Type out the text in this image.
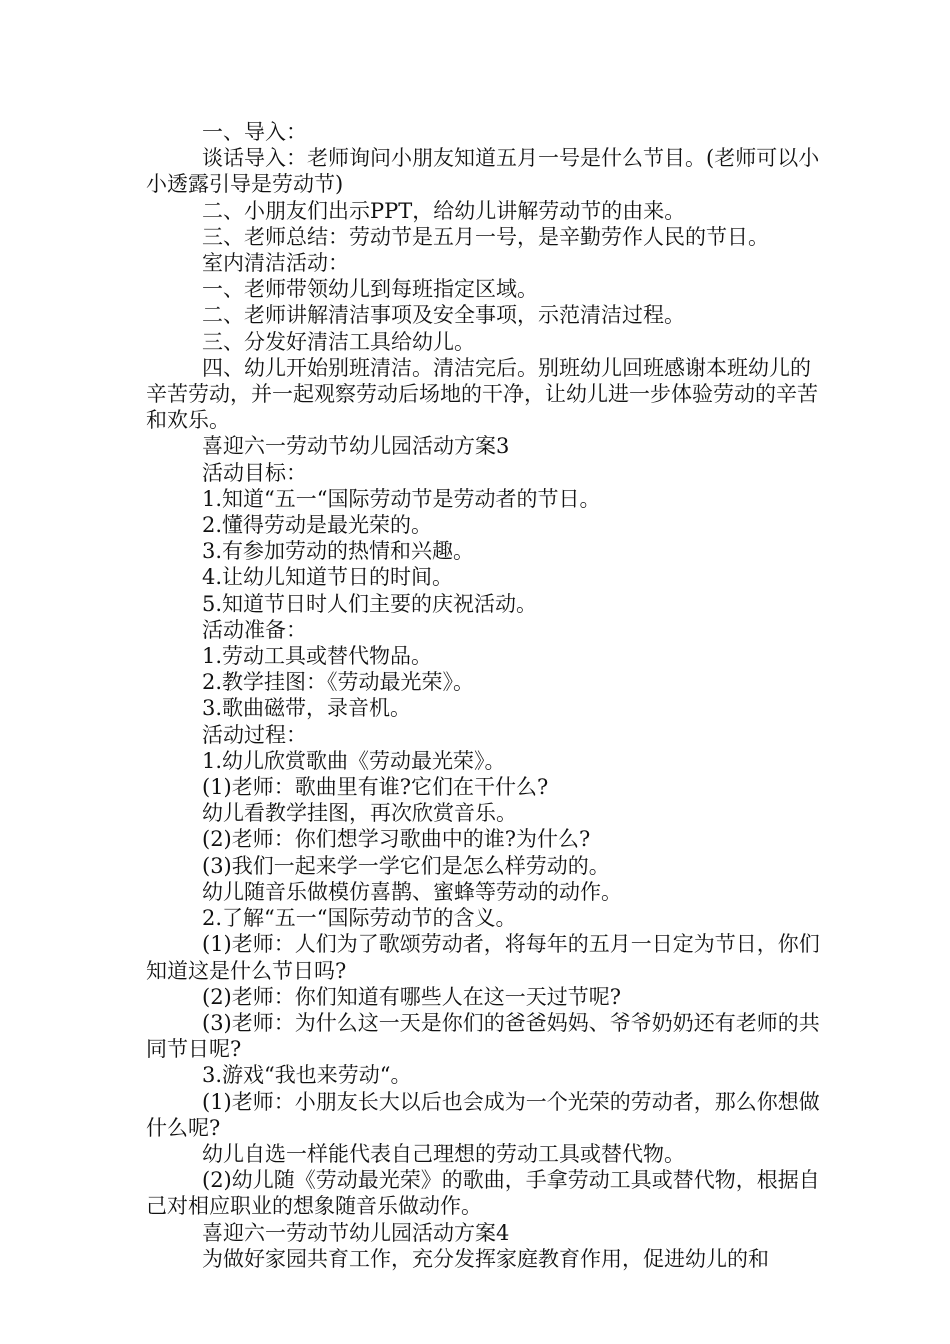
一、导入：

谈话导入：老师询问小朋友知道五月一号是什么节目。(老师可以小小透露引导是劳动节)

二、小朋友们出示PPT，给幼儿讲解劳动节的由来。

三、老师总结：劳动节是五月一号，是辛勤劳作人民的节日。

室内清洁活动：

一、老师带领幼儿到每班指定区域。

二、老师讲解清洁事项及安全事项，示范清洁过程。

三、分发好清洁工具给幼儿。

四、幼儿开始别班清洁。清洁完后。别班幼儿回班感谢本班幼儿的辛苦劳动，并一起观察劳动后场地的干净，让幼儿进一步体验劳动的辛苦和欢乐。

喜迎六一劳动节幼儿园活动方案3

活动目标：

1.知道“五一“国际劳动节是劳动者的节日。

2.懂得劳动是最光荣的。

3.有参加劳动的热情和兴趣。

4.让幼儿知道节日的时间。

5.知道节日时人们主要的庆祝活动。

活动准备：

1.劳动工具或替代物品。

2.教学挂图：《劳动最光荣》。

3.歌曲磁带，录音机。

活动过程：

1.幼儿欣赏歌曲《劳动最光荣》。

(1)老师：歌曲里有谁?它们在干什么?

幼儿看教学挂图，再次欣赏音乐。

(2)老师：你们想学习歌曲中的谁?为什么?

(3)我们一起来学一学它们是怎么样劳动的。

幼儿随音乐做模仿喜鹊、蜜蜂等劳动的动作。

2.了解“五一“国际劳动节的含义。

(1)老师：人们为了歌颂劳动者，将每年的五月一日定为节日，你们知道这是什么节日吗?

(2)老师：你们知道有哪些人在这一天过节呢?

(3)老师：为什么这一天是你们的爸爸妈妈、爷爷奶奶还有老师的共同节日呢?

3.游戏“我也来劳动“。

(1)老师：小朋友长大以后也会成为一个光荣的劳动者，那么你想做什么呢?

幼儿自选一样能代表自己理想的劳动工具或替代物。

(2)幼儿随《劳动最光荣》的歌曲，手拿劳动工具或替代物，根据自己对相应职业的想象随音乐做动作。

喜迎六一劳动节幼儿园活动方案4

为做好家园共育工作，充分发挥家庭教育作用，促进幼儿的和
